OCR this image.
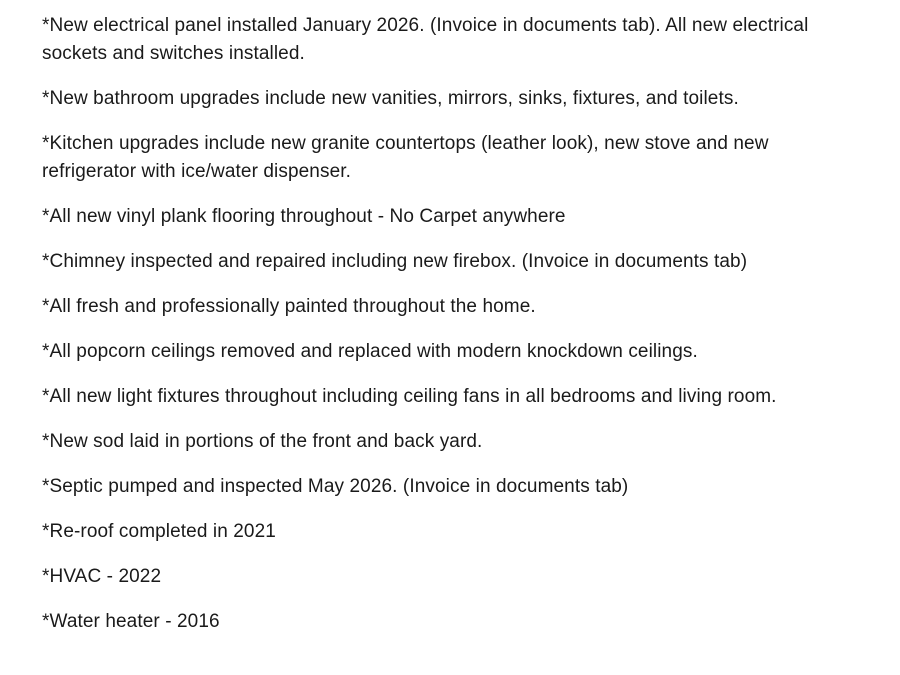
*New electrical panel installed January 2026. (Invoice in documents tab). All new electrical sockets and switches installed.

*New bathroom upgrades include new vanities, mirrors, sinks, fixtures, and toilets.

*Kitchen upgrades include new granite countertops (leather look), new stove and new refrigerator with ice/water dispenser.

*All new vinyl plank flooring throughout - No Carpet anywhere

*Chimney inspected and repaired including new firebox. (Invoice in documents tab)

*All fresh and professionally painted throughout the home.

*All popcorn ceilings removed and replaced with modern knockdown ceilings.

*All new light fixtures throughout including ceiling fans in all bedrooms and living room.

*New sod laid in portions of the front and back yard.

*Septic pumped and inspected May 2026. (Invoice in documents tab)

*Re-roof completed in 2021

*HVAC - 2022

*Water heater - 2016
